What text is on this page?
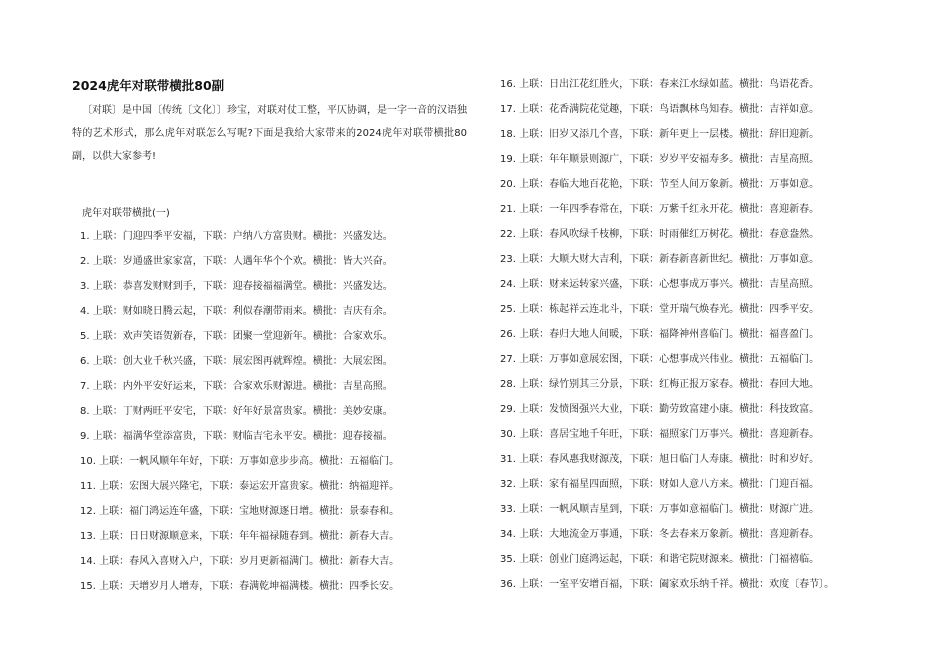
2024虎年对联带横批80副
〔对联〕是中国〔传统〔文化〕〕珍宝，对联对仗工整，平仄协调，是一字一音的汉语独特的艺术形式，那么虎年对联怎么写呢?下面是我给大家带来的2024虎年对联带横批80副，以供大家参考!
虎年对联带横批(一)
1. 上联：门迎四季平安福，下联：户纳八方富贵财。横批：兴盛发达。
2. 上联：岁通盛世家家富，下联：人遇年华个个欢。横批：皆大兴奋。
3. 上联：恭喜发财财到手，下联：迎春接福福满堂。横批：兴盛发达。
4. 上联：财如晓日腾云起，下联：利似春潮带雨来。横批：吉庆有余。
5. 上联：欢声笑语贺新春，下联：团聚一堂迎新年。横批：合家欢乐。
6. 上联：创大业千秋兴盛，下联：展宏图再就辉煌。横批：大展宏图。
7. 上联：内外平安好运来，下联：合家欢乐财源进。横批：吉星高照。
8. 上联：丁财两旺平安宅，下联：好年好景富贵家。横批：美妙安康。
9. 上联：福满华堂添富贵，下联：财临吉宅永平安。横批：迎春接福。
10. 上联：一帆风顺年年好，下联：万事如意步步高。横批：五福临门。
11. 上联：宏图大展兴隆宅，下联：泰运宏开富贵家。横批：纳福迎祥。
12. 上联：福门鸿运连年盛，下联：宝地财源逐日增。横批：景泰春和。
13. 上联：日日财源顺意来，下联：年年福禄随春到。横批：新春大吉。
14. 上联：春风入喜财入户，下联：岁月更新福满门。横批：新春大吉。
15. 上联：天增岁月人增寿，下联：春满乾坤福满楼。横批：四季长安。
16. 上联：日出江花红胜火，下联：春来江水绿如蓝。横批：鸟语花香。
17. 上联：花香满院花觉趣，下联：鸟语飘林鸟知春。横批：吉祥如意。
18. 上联：旧岁又添几个喜，下联：新年更上一层楼。横批：辞旧迎新。
19. 上联：年年顺景则源广，下联：岁岁平安福寿多。横批：吉星高照。
20. 上联：春临大地百花艳，下联：节至人间万象新。横批：万事如意。
21. 上联：一年四季春常在，下联：万紫千红永开花。横批：喜迎新春。
22. 上联：春风吹绿千枝柳，下联：时雨催红万树花。横批：春意盎然。
23. 上联：大顺大财大吉利，下联：新春新喜新世纪。横批：万事如意。
24. 上联：财来运转家兴盛，下联：心想事成万事兴。横批：吉星高照。
25. 上联：栋起祥云连北斗，下联：堂开瑞气焕春光。横批：四季平安。
26. 上联：春归大地人间暖，下联：福降神州喜临门。横批：福喜盈门。
27. 上联：万事如意展宏图，下联：心想事成兴伟业。横批：五福临门。
28. 上联：绿竹别其三分景，下联：红梅正报万家春。横批：春回大地。
29. 上联：发愤图强兴大业，下联：勤劳致富建小康。横批：科技致富。
30. 上联：喜居宝地千年旺，下联：福照家门万事兴。横批：喜迎新春。
31. 上联：春风惠我财源茂，下联：旭日临门人寿康。横批：时和岁好。
32. 上联：家有福星四面照，下联：财如人意八方来。横批：门迎百福。
33. 上联：一帆风顺吉星到，下联：万事如意福临门。横批：财源广进。
34. 上联：大地流金万事通，下联：冬去春来万象新。横批：喜迎新春。
35. 上联：创业门庭鸿运起，下联：和谐宅院财源来。横批：门福禧临。
36. 上联：一室平安增百福，下联：阖家欢乐纳千祥。横批：欢度〔春节〕。
